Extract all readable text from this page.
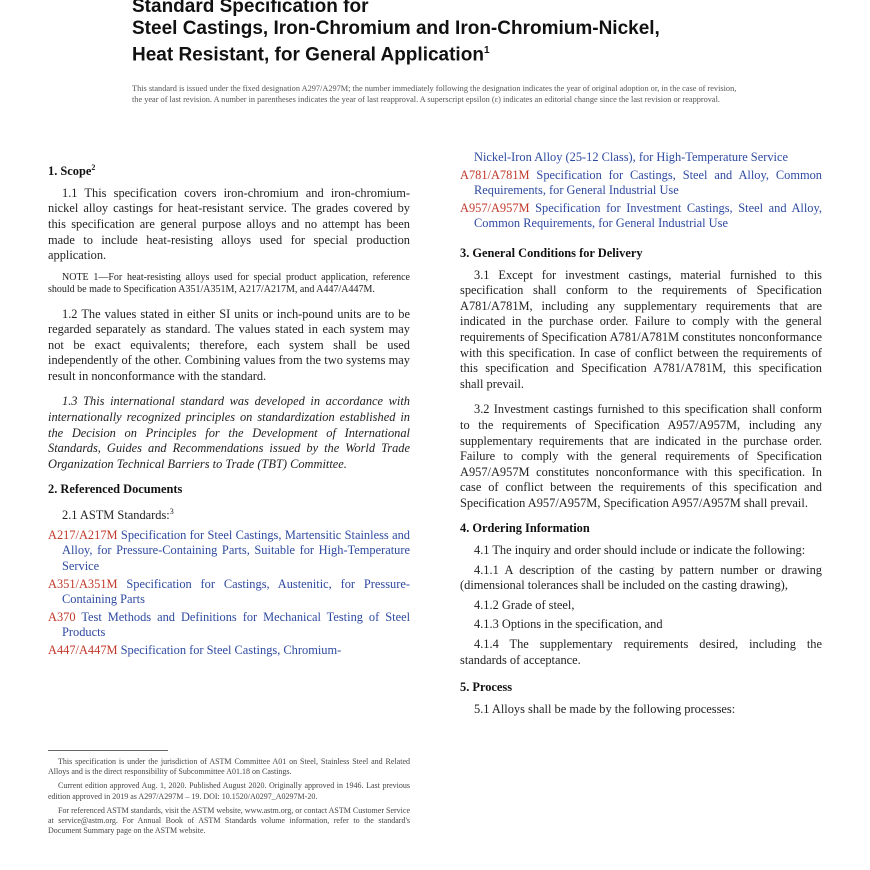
Standard Specification for
Steel Castings, Iron-Chromium and Iron-Chromium-Nickel,
Heat Resistant, for General Application$^1$
This standard is issued under the fixed designation A297/A297M; the number immediately following the designation indicates the year of original adoption or, in the case of revision, the year of last revision. A number in parentheses indicates the year of last reapproval. A superscript epsilon (ε) indicates an editorial change since the last revision or reapproval.
1. Scope$^2$

1.1 This specification covers iron-chromium and iron-chromium-nickel alloy castings for heat-resistant service. The grades covered by this specification are general purpose alloys and no attempt has been made to include heat-resisting alloys used for special production application.

NOTE 1—For heat-resisting alloys used for special product application, reference should be made to Specification A351/A351M, A217/A217M, and A447/A447M.

1.2 The values stated in either SI units or inch-pound units are to be regarded separately as standard. The values stated in each system may not be exact equivalents; therefore, each system shall be used independently of the other. Combining values from the two systems may result in nonconformance with the standard.

1.3 This international standard was developed in accordance with internationally recognized principles on standardization established in the Decision on Principles for the Development of International Standards, Guides and Recommendations issued by the World Trade Organization Technical Barriers to Trade (TBT) Committee.

2. Referenced Documents

2.1 ASTM Standards:$^3$

A217/A217M Specification for Steel Castings, Martensitic Stainless and Alloy, for Pressure-Containing Parts, Suitable for High-Temperature Service
A351/A351M Specification for Castings, Austenitic, for Pressure-Containing Parts
A370 Test Methods and Definitions for Mechanical Testing of Steel Products
A447/A447M Specification for Steel Castings, Chromium-
Nickel-Iron Alloy (25-12 Class), for High-Temperature Service
A781/A781M Specification for Castings, Steel and Alloy, Common Requirements, for General Industrial Use
A957/A957M Specification for Investment Castings, Steel and Alloy, Common Requirements, for General Industrial Use
3. General Conditions for Delivery

3.1 Except for investment castings, material furnished to this specification shall conform to the requirements of Specification A781/A781M, including any supplementary requirements that are indicated in the purchase order. Failure to comply with the general requirements of Specification A781/A781M constitutes nonconformance with this specification. In case of conflict between the requirements of this specification and Specification A781/A781M, this specification shall prevail.

3.2 Investment castings furnished to this specification shall conform to the requirements of Specification A957/A957M, including any supplementary requirements that are indicated in the purchase order. Failure to comply with the general requirements of Specification A957/A957M constitutes nonconformance with this specification. In case of conflict between the requirements of this specification and Specification A957/A957M, Specification A957/A957M shall prevail.

4. Ordering Information

4.1 The inquiry and order should include or indicate the following:

4.1.1 A description of the casting by pattern number or drawing (dimensional tolerances shall be included on the casting drawing),

4.1.2 Grade of steel,

4.1.3 Options in the specification, and

4.1.4 The supplementary requirements desired, including the standards of acceptance.

5. Process

5.1 Alloys shall be made by the following processes:

This specification is under the jurisdiction of ASTM Committee A01 on Steel, Stainless Steel and Related Alloys and is the direct responsibility of Subcommittee A01.18 on Castings.

Current edition approved Aug. 1, 2020. Published August 2020. Originally approved in 1946. Last previous edition approved in 2019 as A297/A297M – 19. DOI: 10.1520/A0297_A0297M-20.

For referenced ASTM standards, visit the ASTM website, www.astm.org, or contact ASTM Customer Service at service@astm.org. For Annual Book of ASTM Standards volume information, refer to the standard's Document Summary page on the ASTM website.
